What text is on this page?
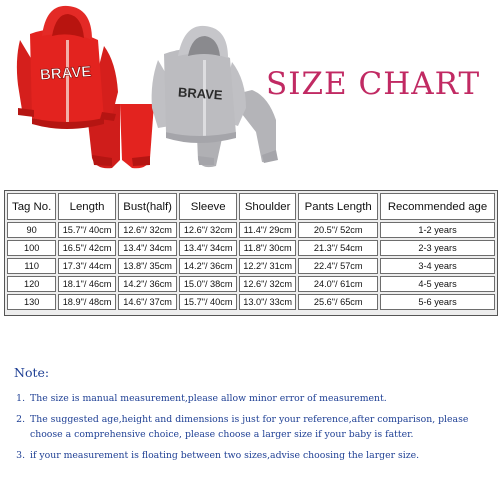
BRAVE	BRAVE
BRAVE SIZE CHART
Tag No.	Length	Bust(half)	Sleeve	Shoulder	Pants Length	Recommended age
90	15.7"/ 40cm	12.6"/ 32cm	12.6"/ 32cm	11.4"/ 29cm	20.5"/ 52cm	1-2 years
100	16.5"/ 42cm	13.4"/ 34cm	13.4"/ 34cm	11.8"/ 30cm	21.3"/ 54cm	2-3 years
110	17.3"/ 44cm	13.8"/ 35cm	14.2"/ 36cm	12.2"/ 31cm	22.4"/ 57cm	3-4 years
120	18.1"/ 46cm	14.2"/ 36cm	15.0"/ 38cm	12.6"/ 32cm	24.0"/ 61cm	4-5 years
130	18.9"/ 48cm	14.6"/ 37cm	15.7"/ 40cm	13.0"/ 33cm	25.6"/ 65cm	5-6 years
Note:
1. The size is manual measurement,please allow minor error of measurement.
2. The suggested age,height and dimensions is just for your reference,after comparison, please choose a comprehensive choice, please choose a larger size if your baby is fatter.
3. if your measurement is floating between two sizes,advise choosing the larger size.
